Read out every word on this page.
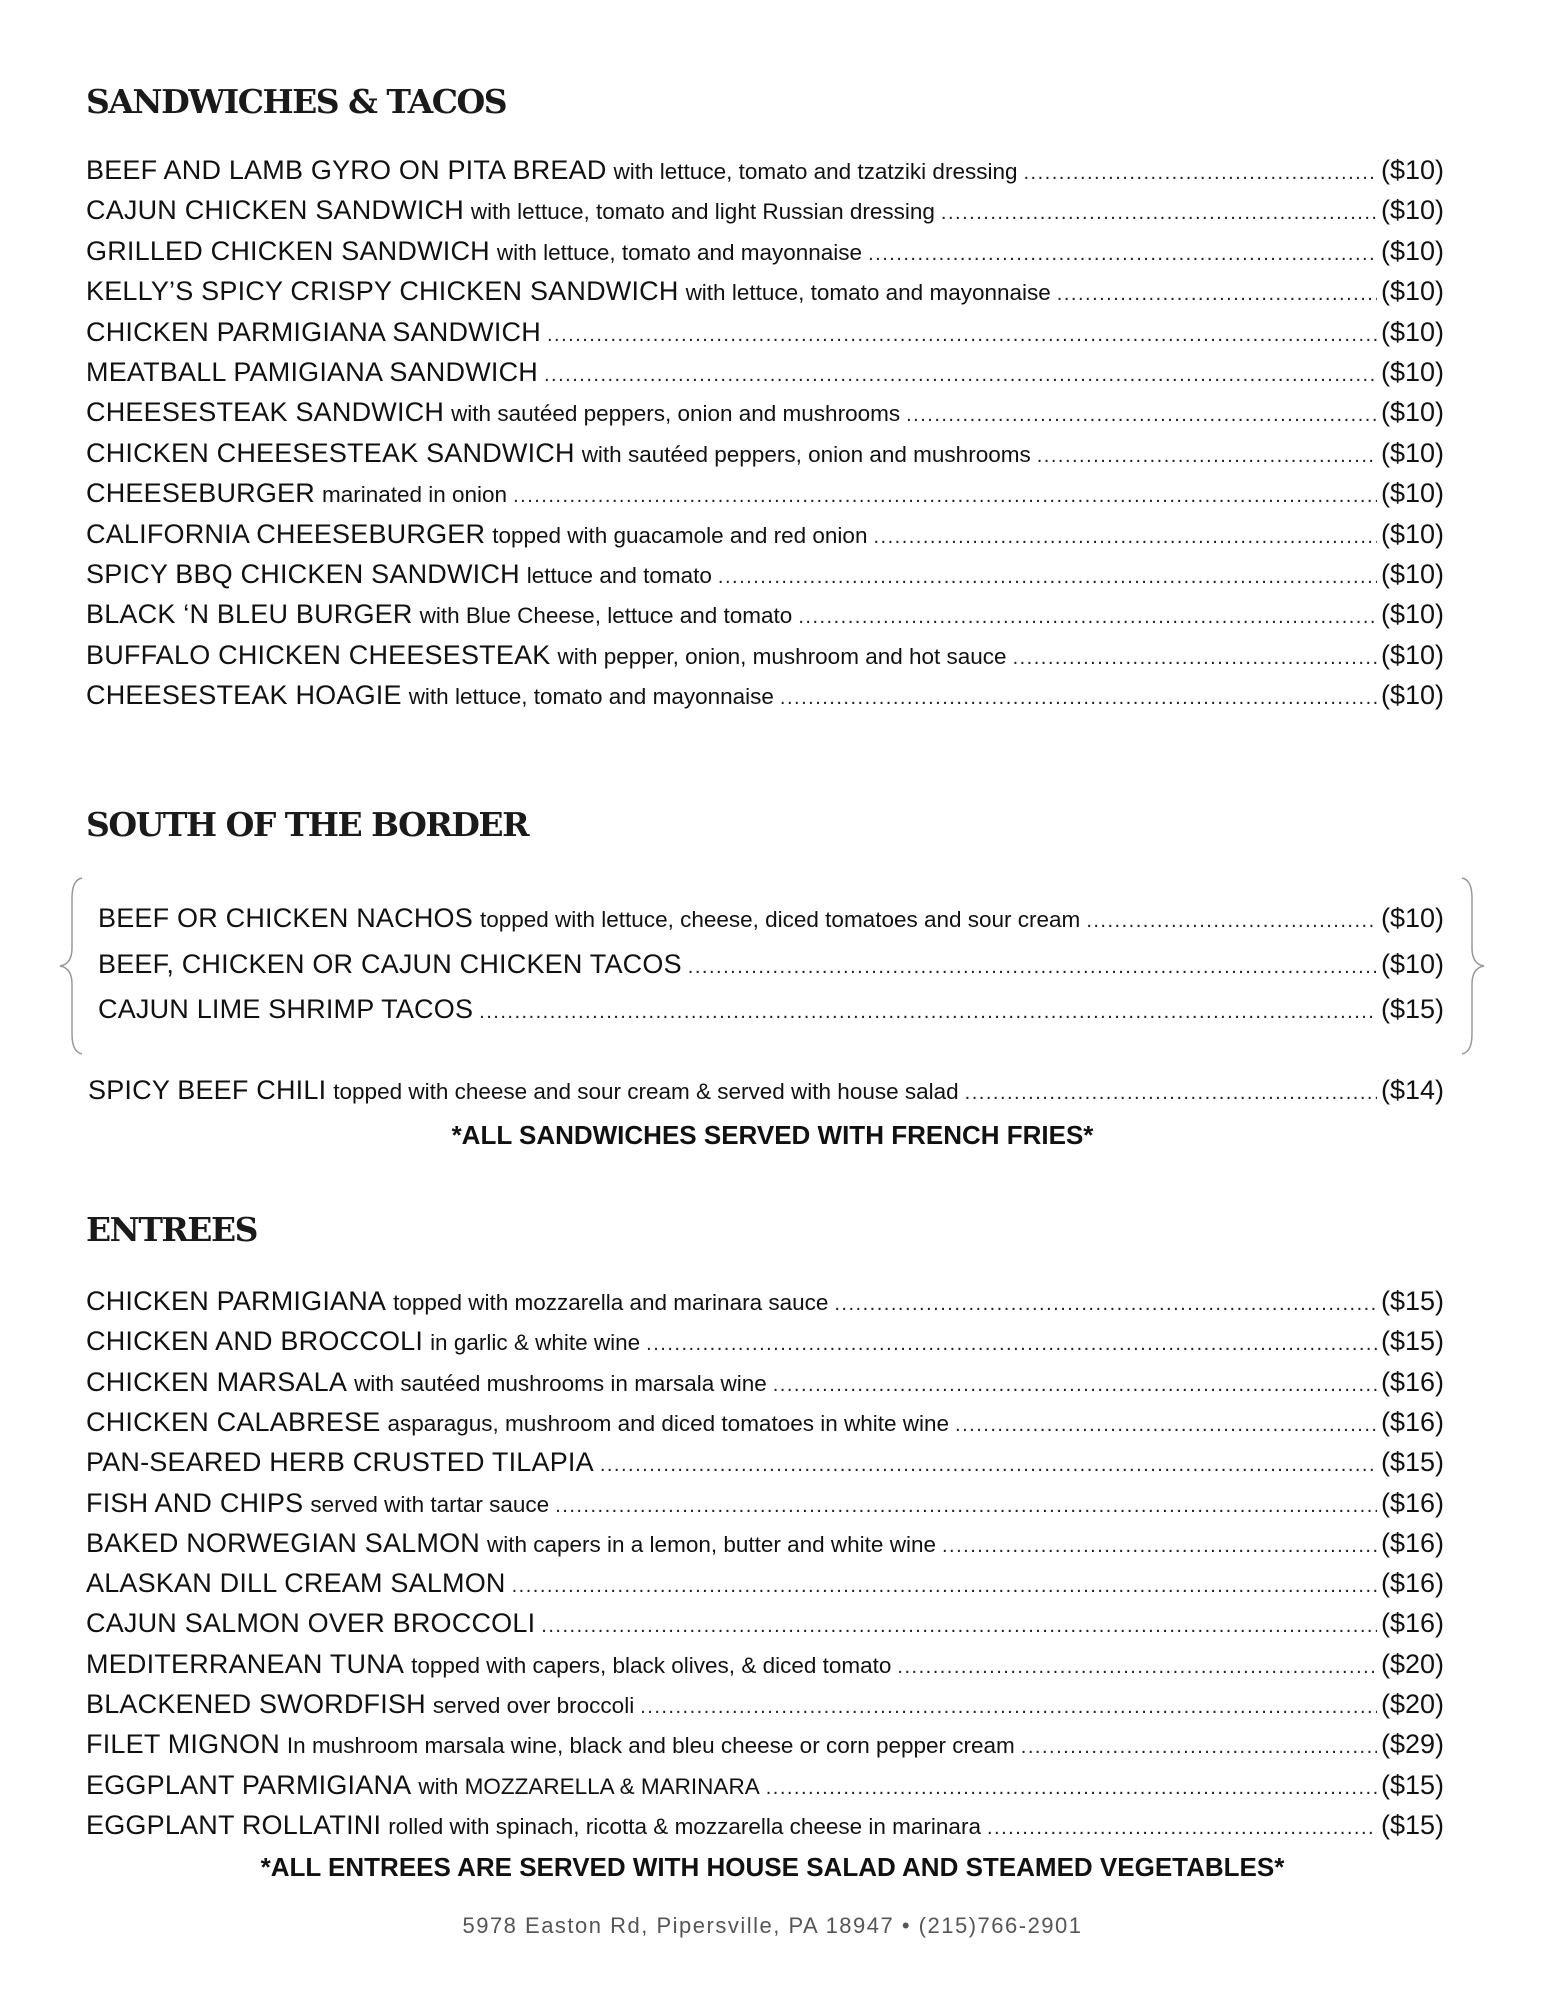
SANDWICHES & TACOS
BEEF AND LAMB GYRO ON PITA BREAD with lettuce, tomato and tzatziki dressing .....	($10)
CAJUN CHICKEN SANDWICH with lettuce, tomato and light Russian dressing .....	($10)
GRILLED CHICKEN SANDWICH with lettuce, tomato and mayonnaise .....	($10)
KELLY’S SPICY CRISPY CHICKEN SANDWICH with lettuce, tomato and mayonnaise .....	($10)
CHICKEN PARMIGIANA SANDWICH .....	($10)
MEATBALL PAMIGIANA SANDWICH .....	($10)
CHEESESTEAK SANDWICH with sautéed peppers, onion and mushrooms .....	($10)
CHICKEN CHEESESTEAK SANDWICH with sautéed peppers, onion and mushrooms .....	($10)
CHEESEBURGER marinated in onion .....	($10)
CALIFORNIA CHEESEBURGER topped with guacamole and red onion .....	($10)
SPICY BBQ CHICKEN SANDWICH lettuce and tomato .....	($10)
BLACK ‘N BLEU BURGER with Blue Cheese, lettuce and tomato .....	($10)
BUFFALO CHICKEN CHEESESTEAK with pepper, onion, mushroom and hot sauce .....	($10)
CHEESESTEAK HOAGIE with lettuce, tomato and mayonnaise .....	($10)
SOUTH OF THE BORDER
BEEF OR CHICKEN NACHOS topped with lettuce, cheese, diced tomatoes and sour cream .....	($10)
BEEF, CHICKEN OR CAJUN CHICKEN TACOS .....	($10)
CAJUN LIME SHRIMP TACOS .....	($15)
SPICY BEEF CHILI topped with cheese and sour cream & served with house salad .....	($14)

*ALL SANDWICHES SERVED WITH FRENCH FRIES*

ENTREES
CHICKEN PARMIGIANA topped with mozzarella and marinara sauce .....	($15)
CHICKEN AND BROCCOLI in garlic & white wine .....	($15)
CHICKEN MARSALA with sautéed mushrooms in marsala wine .....	($16)
CHICKEN CALABRESE asparagus, mushroom and diced tomatoes in white wine .....	($16)
PAN-SEARED HERB CRUSTED TILAPIA .....	($15)
FISH AND CHIPS served with tartar sauce .....	($16)
BAKED NORWEGIAN SALMON with capers in a lemon, butter and white wine .....	($16)
ALASKAN DILL CREAM SALMON .....	($16)
CAJUN SALMON OVER BROCCOLI .....	($16)
MEDITERRANEAN TUNA topped with capers, black olives, & diced tomato .....	($20)
BLACKENED SWORDFISH served over broccoli .....	($20)
FILET MIGNON In mushroom marsala wine, black and bleu cheese or corn pepper cream .....	($29)
EGGPLANT PARMIGIANA with MOZZARELLA & MARINARA .....	($15)
EGGPLANT ROLLATINI rolled with spinach, ricotta & mozzarella cheese in marinara .....	($15)

*ALL ENTREES ARE SERVED WITH HOUSE SALAD AND STEAMED VEGETABLES*

5978 Easton Rd, Pipersville, PA 18947 • (215)766-2901
